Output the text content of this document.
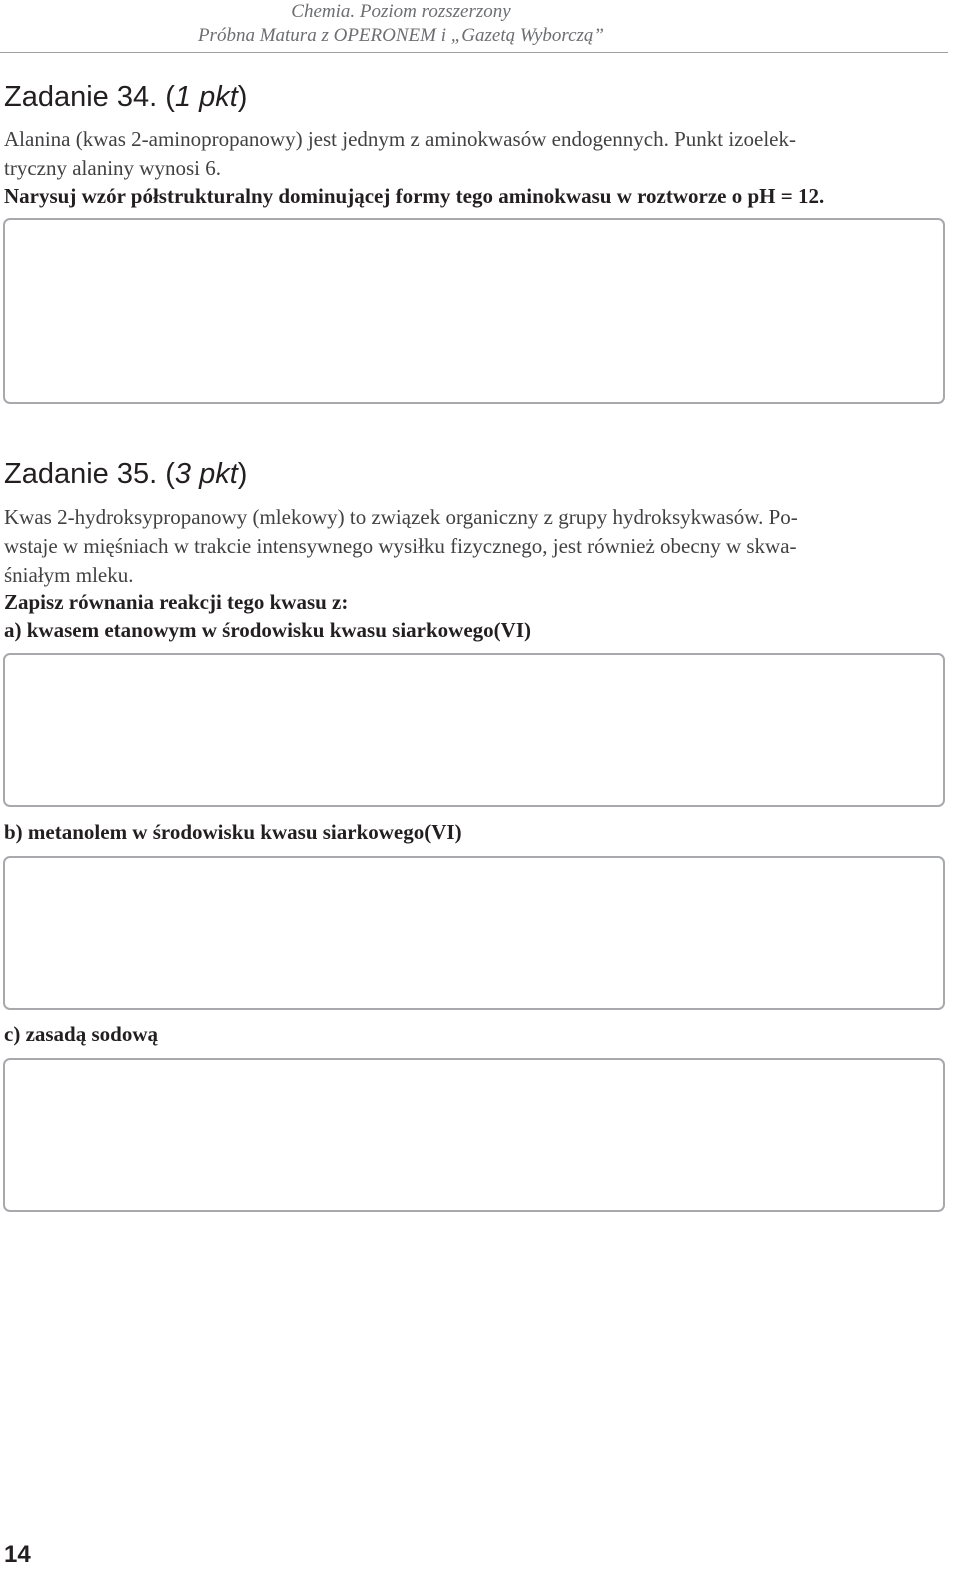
Chemia. Poziom rozszerzony
Próbna Matura z OPERONEM i „Gazetą Wyborczą”
Zadanie 34. (1 pkt)
Alanina (kwas 2-aminopropanowy) jest jednym z aminokwasów endogennych. Punkt izoelek-
tryczny alaniny wynosi 6.
Narysuj wzór półstrukturalny dominującej formy tego aminokwasu w roztworze o pH = 12.
Zadanie 35. (3 pkt)
Kwas 2-hydroksypropanowy (mlekowy) to związek organiczny z grupy hydroksykwasów. Po-
wstaje w mięśniach w trakcie intensywnego wysiłku fizycznego, jest również obecny w skwa-
śniałym mleku.
Zapisz równania reakcji tego kwasu z:
a) kwasem etanowym w środowisku kwasu siarkowego(VI)
b) metanolem w środowisku kwasu siarkowego(VI)
c) zasadą sodową
14
